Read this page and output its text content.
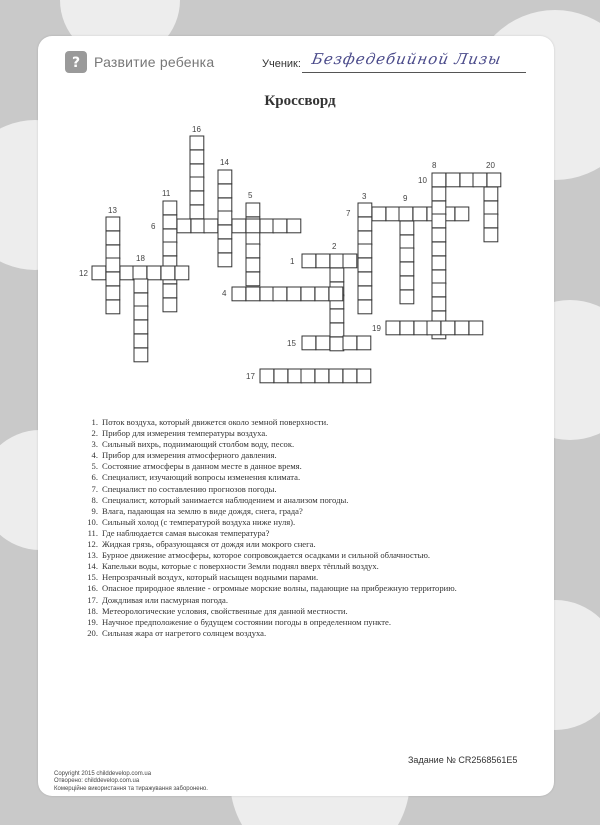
? Развитие ребенка	Ученик: Безфедебийной Лизы
Кроссворд
1
2
3
4
5
6
7
8
9
10
11
12
13
14
15
16
17
18
19
20
1. Поток воздуха, который движется около земной поверхности.
2. Прибор для измерения температуры воздуха.
3. Сильный вихрь, поднимающий столбом воду, песок.
4. Прибор для измерения атмосферного давления.
5. Состояние атмосферы в данном месте в данное время.
6. Специалист, изучающий вопросы изменения климата.
7. Специалист по составлению прогнозов погоды.
8. Специалист, который занимается наблюдением и анализом погоды.
9. Влага, падающая на землю в виде дождя, снега, града?
10. Сильный холод (с температурой воздуха ниже нуля).
11. Где наблюдается самая высокая температура?
12. Жидкая грязь, образующаяся от дождя или мокрого снега.
13. Бурное движение атмосферы, которое сопровождается осадками и сильной облачностью.
14. Капельки воды, которые с поверхности Земли поднял вверх тёплый воздух.
15. Непрозрачный воздух, который насыщен водными парами.
16. Опасное природное явление - огромные морские волны, падающие на прибрежную территорию.
17. Дождливая или пасмурная погода.
18. Метеорологические условия, свойственные для данной местности.
19. Научное предположение о будущем состоянии погоды в определенном пункте.
20. Сильная жара от нагретого солнцем воздуха.
Задание № CR2568561E5
Copyright 2015 childdevelop.com.ua
Отворено: childdevelop.com.ua
Комерційне використання та тиражування заборонено.
